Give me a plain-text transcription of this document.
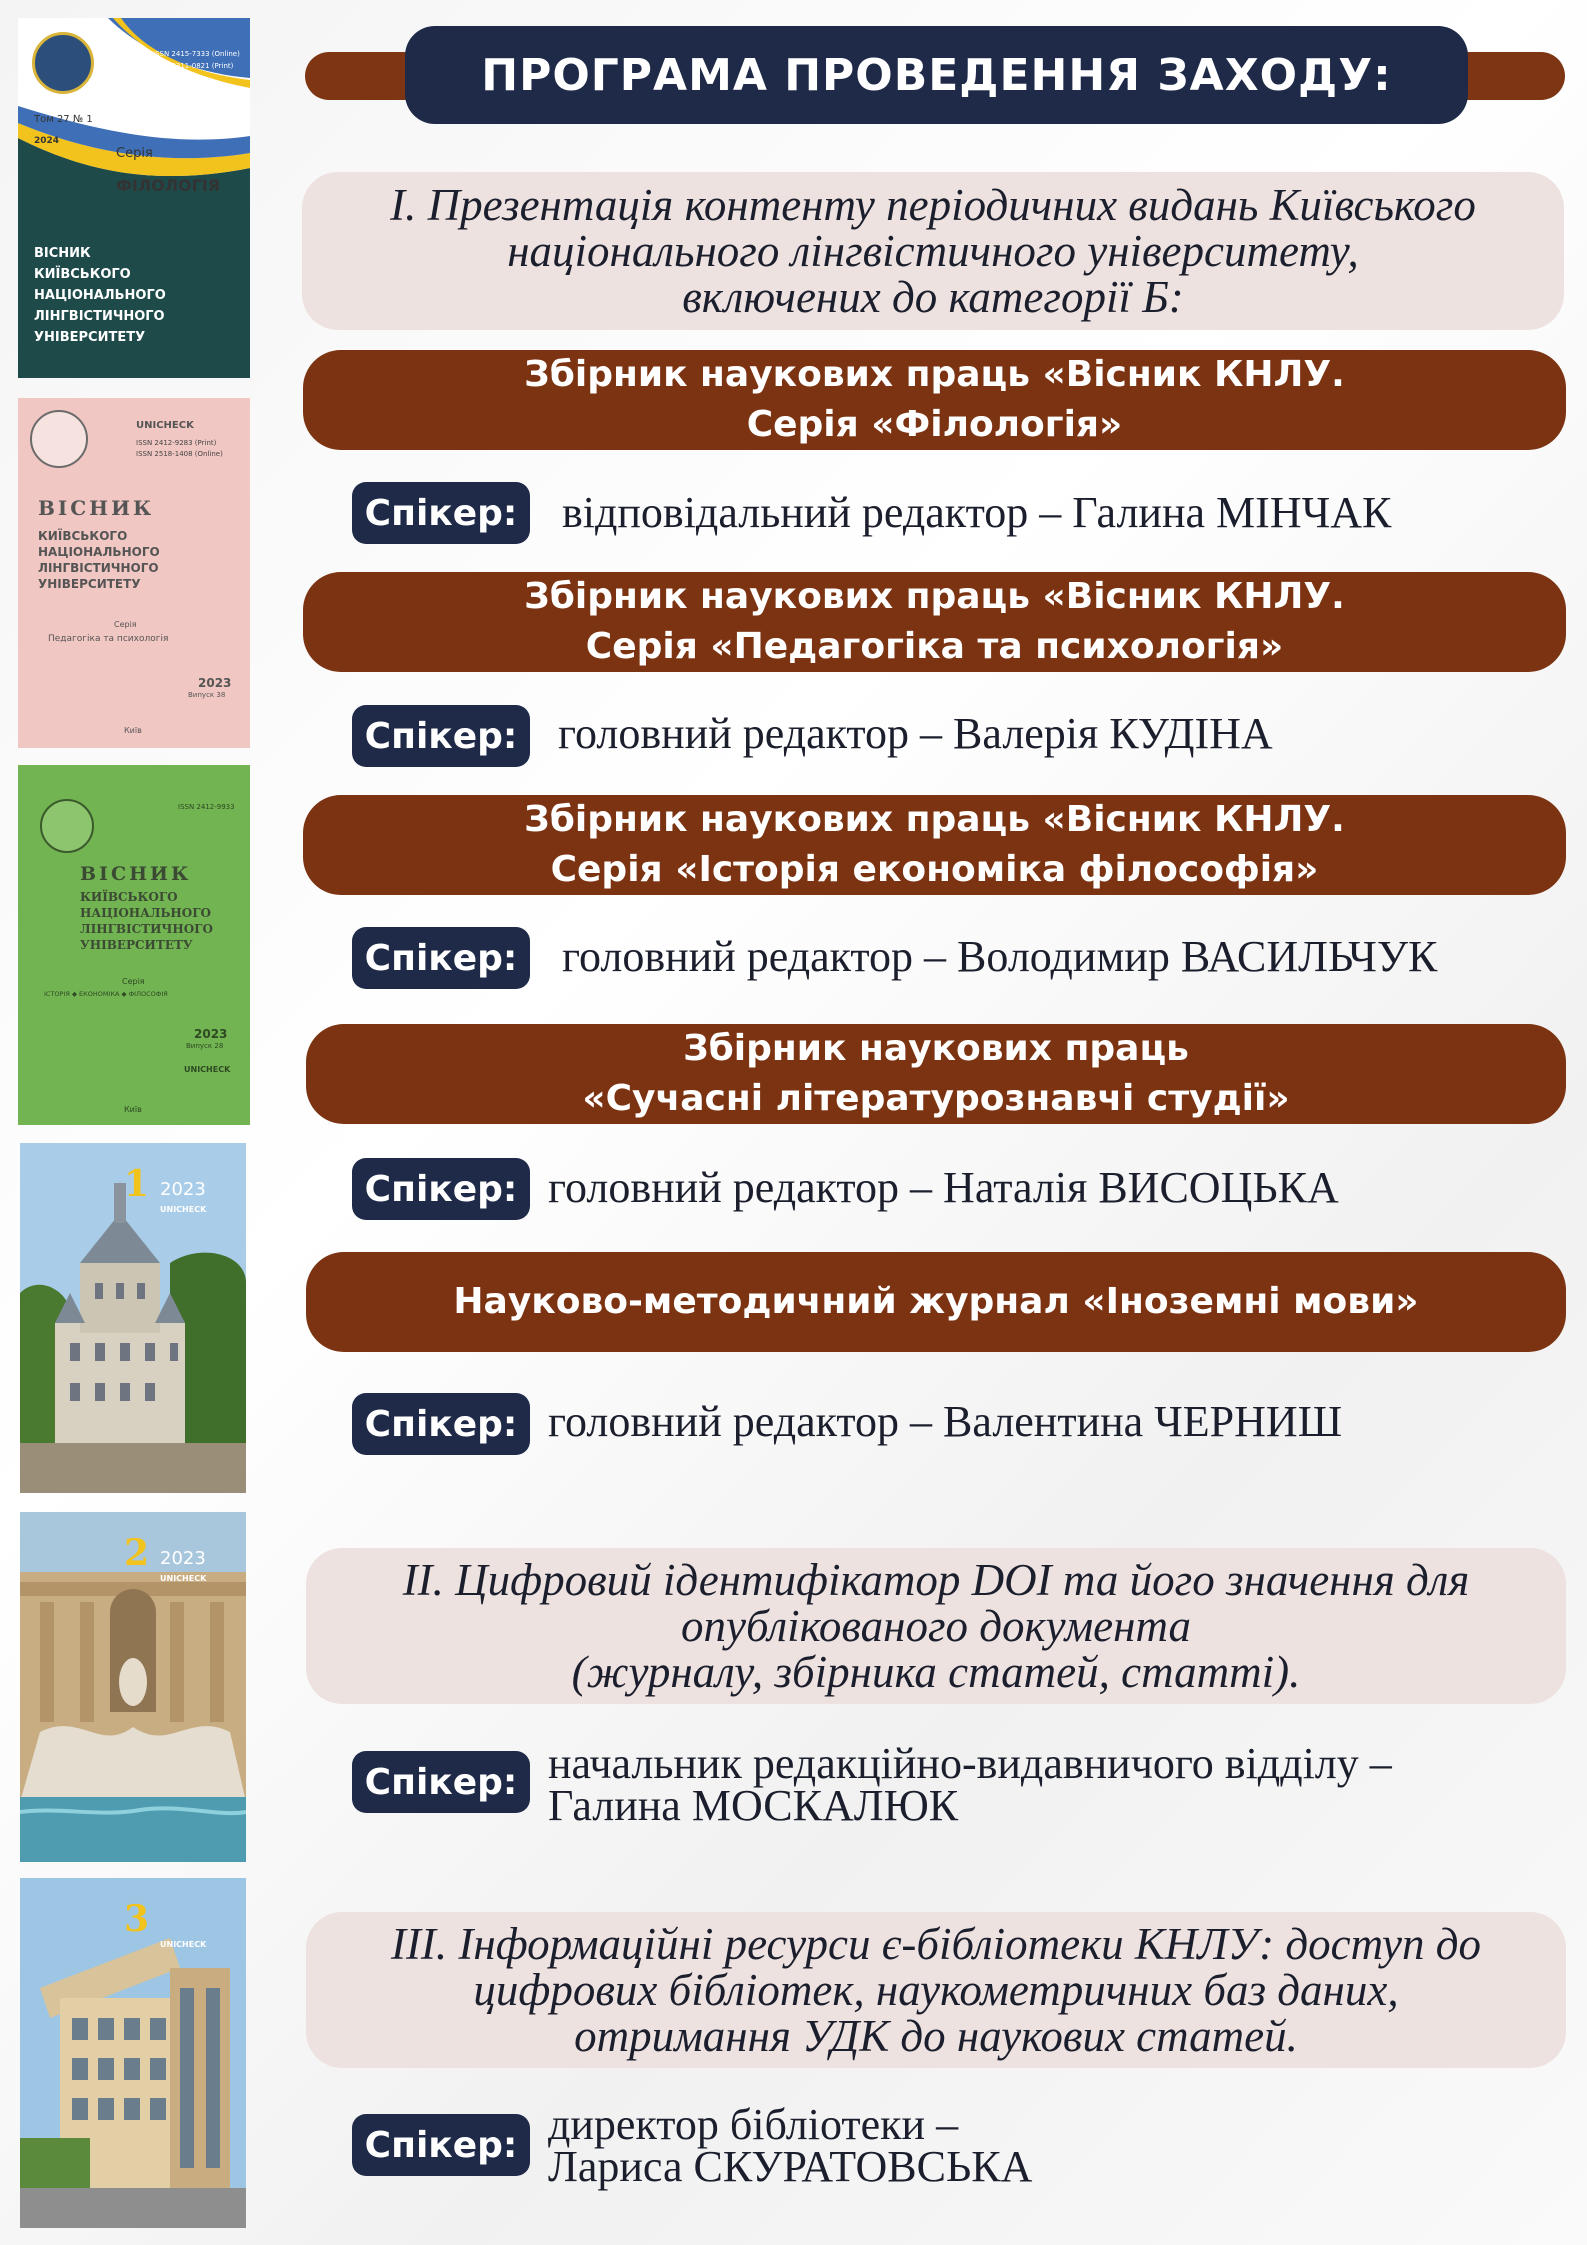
ПРОГРАМА ПРОВЕДЕННЯ ЗАХОДУ:
I. Презентація контенту періодичних видань Київського
національного лінгвістичного університету,
включених до категорії Б:
Збірник наукових праць «Вісник КНЛУ.
Серія «Філологія»
Спікер: відповідальний редактор – Галина МІНЧАК
Збірник наукових праць «Вісник КНЛУ.
Серія «Педагогіка та психологія»
Спікер: головний редактор – Валерія КУДІНА
Збірник наукових праць «Вісник КНЛУ.
Серія «Історія економіка філософія»
Спікер: головний редактор – Володимир ВАСИЛЬЧУК
Збірник наукових праць
«Сучасні літературознавчі студії»
Спікер: головний редактор – Наталія ВИСОЦЬКА
Науково-методичний журнал «Іноземні мови»
Спікер: головний редактор – Валентина ЧЕРНИШ
II. Цифровий ідентифікатор DOI та його значення для
опублікованого документа
(журналу, збірника статей, статті).
Спікер: начальник редакційно-видавничого відділу –
Галина МОСКАЛЮК
III. Інформаційні ресурси є-бібліотеки КНЛУ: доступ до
цифрових бібліотек, наукометричних баз даних,
отримання УДК до наукових статей.
Спікер: директор бібліотеки –
Лариса СКУРАТОВСЬКА
ISSN 2415-7333 (Online)
ISSN 2311-0821 (Print)
Том 27 № 1
2024
Серія
ФІЛОЛОГІЯ
ВІСНИК
КИЇВСЬКОГО
НАЦІОНАЛЬНОГО
ЛІНГВІСТИЧНОГО
УНІВЕРСИТЕТУ
UNICHECK
ISSN 2412-9283 (Print)
ISSN 2518-1408 (Online)
ВІСНИК
КИЇВСЬКОГО
НАЦІОНАЛЬНОГО
ЛІНГВІСТИЧНОГО
УНІВЕРСИТЕТУ
Серія
Педагогіка та психологія
2023
Випуск 38
Київ
ISSN 2412-9933
ВІСНИК
КИЇВСЬКОГО
НАЦІОНАЛЬНОГО
ЛІНГВІСТИЧНОГО
УНІВЕРСИТЕТУ
Серія
ІСТОРІЯ ◆ ЕКОНОМІКА ◆ ФІЛОСОФІЯ
2023
Випуск 28
UNICHECK
Київ
1 2023
UNICHECK
2 2023
UNICHECK
3
UNICHECK
